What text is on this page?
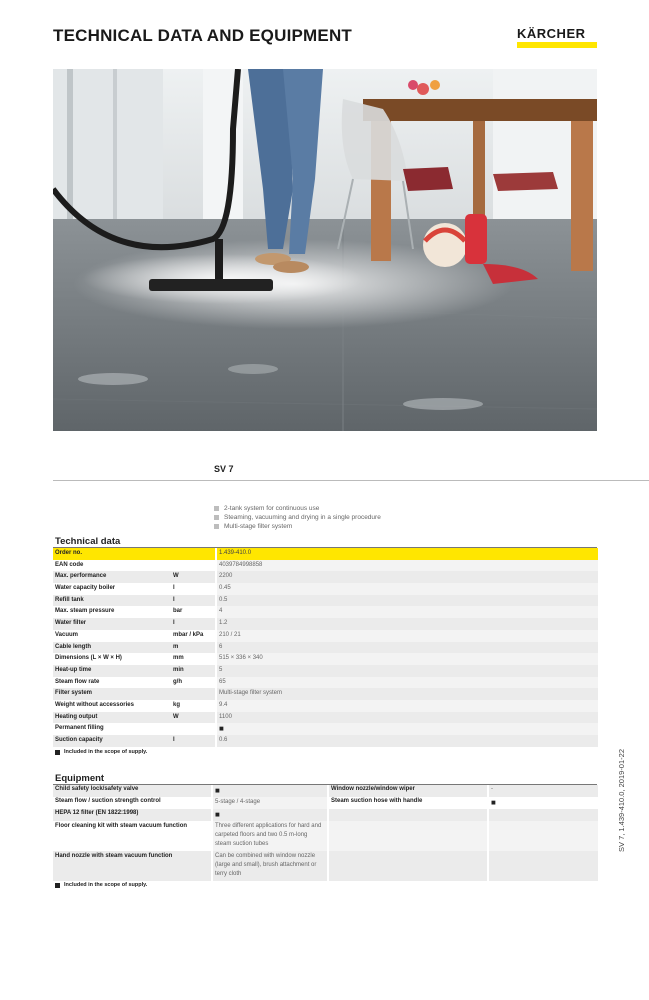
TECHNICAL DATA AND EQUIPMENT	KÄRCHER
SV 7
2-tank system for continuous use
Steaming, vacuuming and drying in a single procedure
Multi-stage filter system
Technical data
Order no.	1.439-410.0
EAN code	4039784998858
Max. performance	W	2200
Water capacity boiler	l	0.45
Refill tank	l	0.5
Max. steam pressure	bar	4
Water filter	l	1.2
Vacuum	mbar / kPa	210 / 21
Cable length	m	6
Dimensions (L × W × H)	mm	515 × 336 × 340
Heat-up time	min	5
Steam flow rate	g/h	65
Filter system	Multi-stage filter system
Weight without accessories	kg	9.4
Heating output	W	1100
Permanent filling	■
Suction capacity	l	0.6
Included in the scope of supply.
Equipment
Child safety lock/safety valve	■	Window nozzle/window wiper	-
Steam flow / suction strength control	5-stage / 4-stage	Steam suction hose with handle	■
HEPA 12 filter (EN 1822:1998)	■
Floor cleaning kit with steam vacuum function	Three different applications for hard and carpeted floors and two 0.5 m-long steam suction tubes
Hand nozzle with steam vacuum function	Can be combined with window nozzle (large and small), brush attachment or terry cloth
Included in the scope of supply.
SV 7, 1.439-410.0, 2019-01-22
